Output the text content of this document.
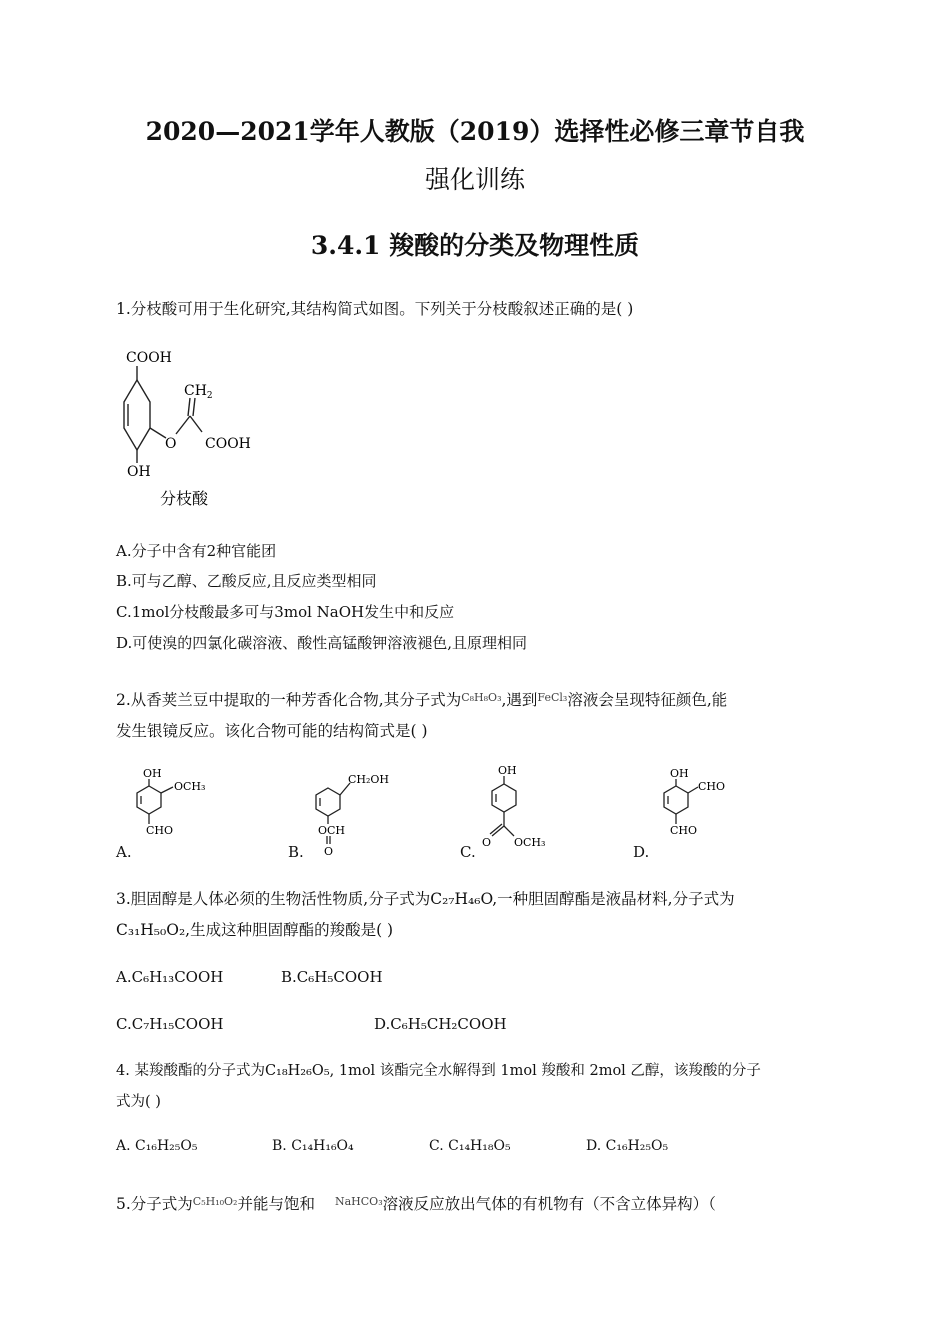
2020—2021学年人教版（2019）选择性必修三章节自我
强化训练
3.4.1 羧酸的分类及物理性质
1.分枝酸可用于生化研究,其结构简式如图。下列关于分枝酸叙述正确的是( )
COOH
$CH_2$
O COOH
OH
分枝酸
A.分子中含有2种官能团
B.可与乙醇、乙酸反应,且反应类型相同
C.1mol分枝酸最多可与3mol NaOH发生中和反应
D.可使溴的四氯化碳溶液、酸性高锰酸钾溶液褪色,且原理相同
2.从香荚兰豆中提取的一种芳香化合物,其分子式为$^{C_8H_8O_3}$,遇到$^{FeCl_3}$溶液会呈现特征颜色,能
发生银镜反应。该化合物可能的结构简式是( )
OH
OCH₃
CHO
A.
CH₂OH
OCH
O
B.
OH
O OCH₃
C.
OH
CHO
CHO
D.
3.胆固醇是人体必须的生物活性物质,分子式为C₂₇H₄₆O,一种胆固醇酯是液晶材料,分子式为
C₃₁H₅₀O₂,生成这种胆固醇酯的羧酸是( )
A.C₆H₁₃COOH	B.C₆H₅COOH
C.C₇H₁₅COOH	D.C₆H₅CH₂COOH
4. 某羧酸酯的分子式为C₁₈H₂₆O₅, 1mol 该酯完全水解得到 1mol 羧酸和 2mol 乙醇，该羧酸的分子
式为( )
A. C₁₆H₂₅O₅	B. C₁₄H₁₆O₄	C. C₁₄H₁₈O₅	D. C₁₆H₂₅O₅
5.分子式为$^{C_5H_{10}O_2}$并能与饱和 $^{NaHCO_3}$溶液反应放出气体的有机物有（不含立体异构）（
